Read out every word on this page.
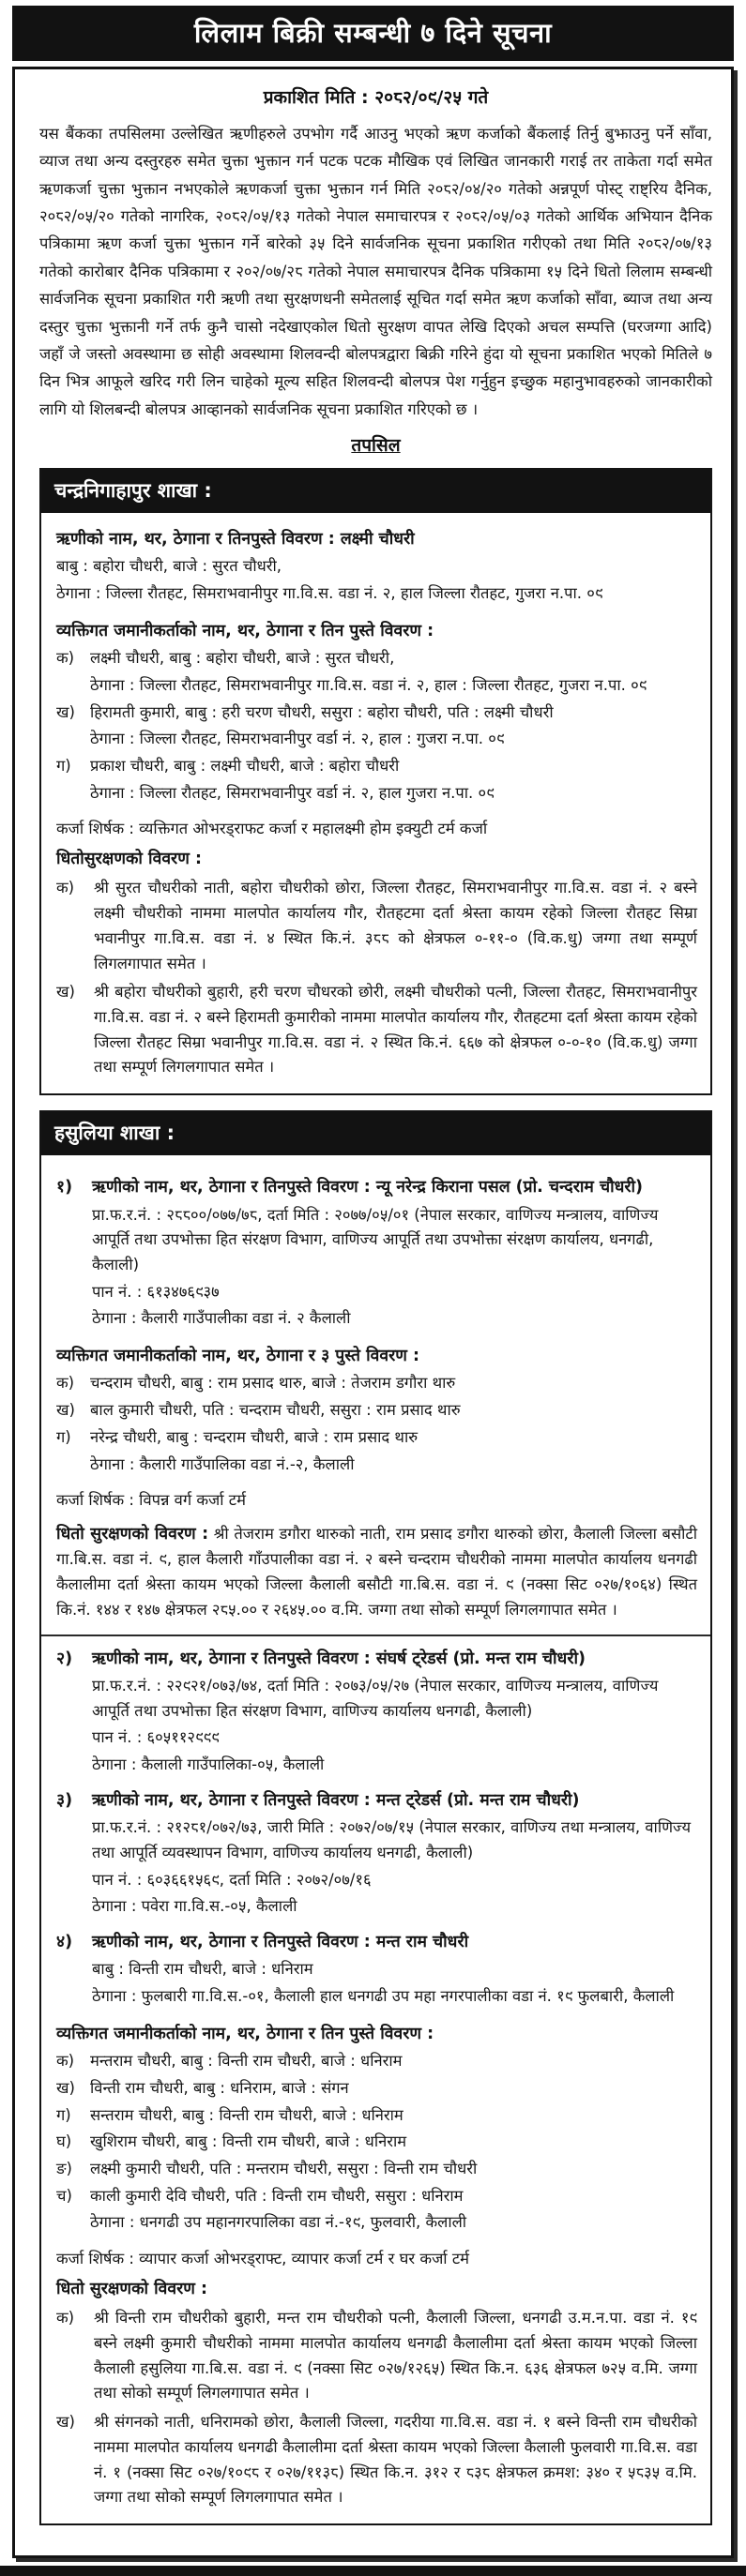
लिलाम बिक्री सम्बन्धी ७ दिने सूचना
प्रकाशित मिति : २०८२/०९/२५ गते

यस बैंकका तपसिलमा उल्लेखित ऋणीहरुले उपभोग गर्दै आउनु भएको ऋण कर्जाको बैंकलाई तिर्नु बुझाउनु पर्ने साँवा, व्याज तथा अन्य दस्तुरहरु समेत चुक्ता भुक्तान गर्न पटक पटक मौखिक एवं लिखित जानकारी गराई तर ताकेता गर्दा समेत ऋणकर्जा चुक्ता भुक्तान नभएकोले ऋणकर्जा चुक्ता भुक्तान गर्न मिति २०८२/०४/२० गतेको अन्नपूर्ण पोस्ट् राष्ट्रिय दैनिक, २०८२/०५/२० गतेको नागरिक, २०८२/०५/१३ गतेको नेपाल समाचारपत्र र २०८२/०५/०३ गतेको आर्थिक अभियान दैनिक पत्रिकामा ऋण कर्जा चुक्ता भुक्तान गर्ने बारेको ३५ दिने सार्वजनिक सूचना प्रकाशित गरीएको तथा मिति २०८२/०७/१३ गतेको कारोबार दैनिक पत्रिकामा र २०२/०७/२८ गतेको नेपाल समाचारपत्र दैनिक पत्रिकामा १५ दिने धितो लिलाम सम्बन्धी सार्वजनिक सूचना प्रकाशित गरी ऋणी तथा सुरक्षणधनी समेतलाई सूचित गर्दा समेत ऋण कर्जाको साँवा, ब्याज तथा अन्य दस्तुर चुक्ता भुक्तानी गर्ने तर्फ कुनै चासो नदेखाएकोल धितो सुरक्षण वापत लेखि दिएको अचल सम्पत्ति (घरजग्गा आदि) जहाँ जे जस्तो अवस्थामा छ सोही अवस्थामा शिलवन्दी बोलपत्रद्वारा बिक्री गरिने हुंदा यो सूचना प्रकाशित भएको मितिले ७ दिन भित्र आफूले खरिद गरी लिन चाहेको मूल्य सहित शिलवन्दी बोलपत्र पेश गर्नुहुन इच्छुक महानुभावहरुको जानकारीको लागि यो शिलबन्दी बोलपत्र आव्हानको सार्वजनिक सूचना प्रकाशित गरिएको छ ।

तपसिल
चन्द्रनिगाहापुर शाखा :
ऋणीको नाम, थर, ठेगाना र तिनपुस्ते विवरण : लक्ष्मी चौधरी
बाबु : बहोरा चौधरी, बाजे : सुरत चौधरी,
ठेगाना : जिल्ला रौतहट, सिमराभवानीपुर गा.वि.स. वडा नं. २, हाल जिल्ला रौतहट, गुजरा न.पा. ०९
व्यक्तिगत जमानीकर्ताको नाम, थर, ठेगाना र तिन पुस्ते विवरण :
क)	लक्ष्मी चौधरी, बाबु : बहोरा चौधरी, बाजे : सुरत चौधरी,
ठेगाना : जिल्ला रौतहट, सिमराभवानीपुर गा.वि.स. वडा नं. २, हाल : जिल्ला रौतहट, गुजरा न.पा. ०९
ख) हिरामती कुमारी, बाबु : हरी चरण चौधरी, ससुरा : बहोरा चौधरी, पति : लक्ष्मी चौधरी
ठेगाना : जिल्ला रौतहट, सिमराभवानीपुर वर्डा नं. २, हाल : गुजरा न.पा. ०९
ग)	प्रकाश चौधरी, बाबु : लक्ष्मी चौधरी, बाजे : बहोरा चौधरी
ठेगाना : जिल्ला रौतहट, सिमराभवानीपुर वर्डा नं. २, हाल गुजरा न.पा. ०९
कर्जा शिर्षक : व्यक्तिगत ओभरड्राफट कर्जा र महालक्ष्मी होम इक्युटी टर्म कर्जा
धितोसुरक्षणको विवरण :
क)	श्री सुरत चौधरीको नाती, बहोरा चौधरीको छोरा, जिल्ला रौतहट, सिमराभवानीपुर गा.वि.स. वडा नं. २ बस्ने लक्ष्मी चौधरीको नाममा मालपोत कार्यालय गौर, रौतहटमा दर्ता श्रेस्ता कायम रहेको जिल्ला रौतहट सिम्रा भवानीपुर गा.वि.स. वडा नं. ४ स्थित कि.नं. ३८८ को क्षेत्रफल ०-११-० (वि.क.धु) जग्गा तथा सम्पूर्ण लिगलगापात समेत ।
ख)	श्री बहोरा चौधरीको बुहारी, हरी चरण चौधरको छोरी, लक्ष्मी चौधरीको पत्नी, जिल्ला रौतहट, सिमराभवानीपुर गा.वि.स. वडा नं. २ बस्ने हिरामती कुमारीको नाममा मालपोत कार्यालय गौर, रौतहटमा दर्ता श्रेस्ता कायम रहेको जिल्ला रौतहट सिम्रा भवानीपुर गा.वि.स. वडा नं. २ स्थित कि.नं. ६६७ को क्षेत्रफल ०-०-१० (वि.क.धु) जग्गा तथा सम्पूर्ण लिगलगापात समेत ।
हसुलिया शाखा :
१)	ऋणीको नाम, थर, ठेगाना र तिनपुस्ते विवरण : न्यू नरेन्द्र किराना पसल (प्रो. चन्दराम चौधरी)
प्रा.फ.र.नं. : २८८००/०७७/७८, दर्ता मिति : २०७७/०५/०१ (नेपाल सरकार, वाणिज्य मन्त्रालय, वाणिज्य आपूर्ति तथा उपभोक्ता हित संरक्षण विभाग, वाणिज्य आपूर्ति तथा उपभोक्ता संरक्षण कार्यालय, धनगढी, कैलाली)
पान नं. : ६१३४७६९३७
ठेगाना : कैलारी गाउँपालीका वडा नं. २ कैलाली
व्यक्तिगत जमानीकर्ताको नाम, थर, ठेगाना र ३ पुस्ते विवरण :
क)	चन्दराम चौधरी, बाबु : राम प्रसाद थारु, बाजे : तेजराम डगौरा थारु
ख) बाल कुमारी चौधरी, पति : चन्दराम चौधरी, ससुरा : राम प्रसाद थारु
ग)	नरेन्द्र चौधरी, बाबु : चन्दराम चौधरी, बाजे : राम प्रसाद थारु
ठेगाना : कैलारी गाउँपालिका वडा नं.-२, कैलाली
कर्जा शिर्षक : विपन्न वर्ग कर्जा टर्म

धितो सुरक्षणको विवरण : श्री तेजराम डगौरा थारुको नाती, राम प्रसाद डगौरा थारुको छोरा, कैलाली जिल्ला बसौटी गा.बि.स. वडा नं. ९, हाल कैलारी गाँउपालीका वडा नं. २ बस्ने चन्दराम चौधरीको नाममा मालपोत कार्यालय धनगढी कैलालीमा दर्ता श्रेस्ता कायम भएको जिल्ला कैलाली बसौटी गा.बि.स. वडा नं. ९ (नक्सा सिट ०२७/१०६४) स्थित कि.नं. १४४ र १४७ क्षेत्रफल २८५.०० र २६४५.०० व.मि. जग्गा तथा सोको सम्पूर्ण लिगलगापात समेत ।

२)	ऋणीको नाम, थर, ठेगाना र तिनपुस्ते विवरण : संघर्ष ट्रेडर्स (प्रो. मन्त राम चौधरी)
प्रा.फ.र.नं. : २२९२१/०७३/७४, दर्ता मिति : २०७३/०५/२७ (नेपाल सरकार, वाणिज्य मन्त्रालय, वाणिज्य आपूर्ति तथा उपभोक्ता हित संरक्षण विभाग, वाणिज्य कार्यालय धनगढी, कैलाली)
पान नं. : ६०५११२९९९
ठेगाना : कैलाली गाउँपालिका-०५, कैलाली
३)	ऋणीको नाम, थर, ठेगाना र तिनपुस्ते विवरण : मन्त ट्रेडर्स (प्रो. मन्त राम चौधरी)
प्रा.फ.र.नं. : २१२८१/०७२/७३, जारी मिति : २०७२/०७/१५ (नेपाल सरकार, वाणिज्य तथा मन्त्रालय, वाणिज्य तथा आपूर्ति व्यवस्थापन विभाग, वाणिज्य कार्यालय धनगढी, कैलाली)
पान नं. : ६०३६६१५६९, दर्ता मिति : २०७२/०७/१६
ठेगाना : पवेरा गा.वि.स.-०५, कैलाली
४)	ऋणीको नाम, थर, ठेगाना र तिनपुस्ते विवरण : मन्त राम चौधरी
बाबु : विन्ती राम चौधरी, बाजे : धनिराम
ठेगाना : फुलबारी गा.वि.स.-०१, कैलाली हाल धनगढी उप महा नगरपालीका वडा नं. १९ फुलबारी, कैलाली
व्यक्तिगत जमानीकर्ताको नाम, थर, ठेगाना र तिन पुस्ते विवरण :
क)	मन्तराम चौधरी, बाबु : विन्ती राम चौधरी, बाजे : धनिराम
ख) विन्ती राम चौधरी, बाबु : धनिराम, बाजे : संगन
ग)	सन्तराम चौधरी, बाबु : विन्ती राम चौधरी, बाजे : धनिराम
घ)	खुशिराम चौधरी, बाबु : विन्ती राम चौधरी, बाजे : धनिराम
ङ)	लक्ष्मी कुमारी चौधरी, पति : मन्तराम चौधरी, ससुरा : विन्ती राम चौधरी
च)	काली कुमारी देवि चौधरी, पति : विन्ती राम चौधरी, ससुरा : धनिराम
ठेगाना : धनगढी उप महानगरपालिका वडा नं.-१९, फुलवारी, कैलाली
कर्जा शिर्षक : व्यापार कर्जा ओभरड्राफ्ट, व्यापार कर्जा टर्म र घर कर्जा टर्म
धितो सुरक्षणको विवरण :
क)	श्री विन्ती राम चौधरीको बुहारी, मन्त राम चौधरीको पत्नी, कैलाली जिल्ला, धनगढी उ.म.न.पा. वडा नं. १९ बस्ने लक्ष्मी कुमारी चौधरीको नाममा मालपोत कार्यालय धनगढी कैलालीमा दर्ता श्रेस्ता कायम भएको जिल्ला कैलाली हसुलिया गा.बि.स. वडा नं. ९ (नक्सा सिट ०२७/१२६५) स्थित कि.न. ६३६ क्षेत्रफल ७२५ व.मि. जग्गा तथा सोको सम्पूर्ण लिगलगापात समेत ।
ख)	श्री संगनको नाती, धनिरामको छोरा, कैलाली जिल्ला, गदरीया गा.वि.स. वडा नं. १ बस्ने विन्ती राम चौधरीको नाममा मालपोत कार्यालय धनगढी कैलालीमा दर्ता श्रेस्ता कायम भएको जिल्ला कैलाली फुलवारी गा.वि.स. वडा नं. १ (नक्सा सिट ०२७/१०९८ र ०२७/११३८) स्थित कि.न. ३१२ र ८३८ क्षेत्रफल क्रमश: ३४० र ५८३५ व.मि. जग्गा तथा सोको सम्पूर्ण लिगलगापात समेत ।
